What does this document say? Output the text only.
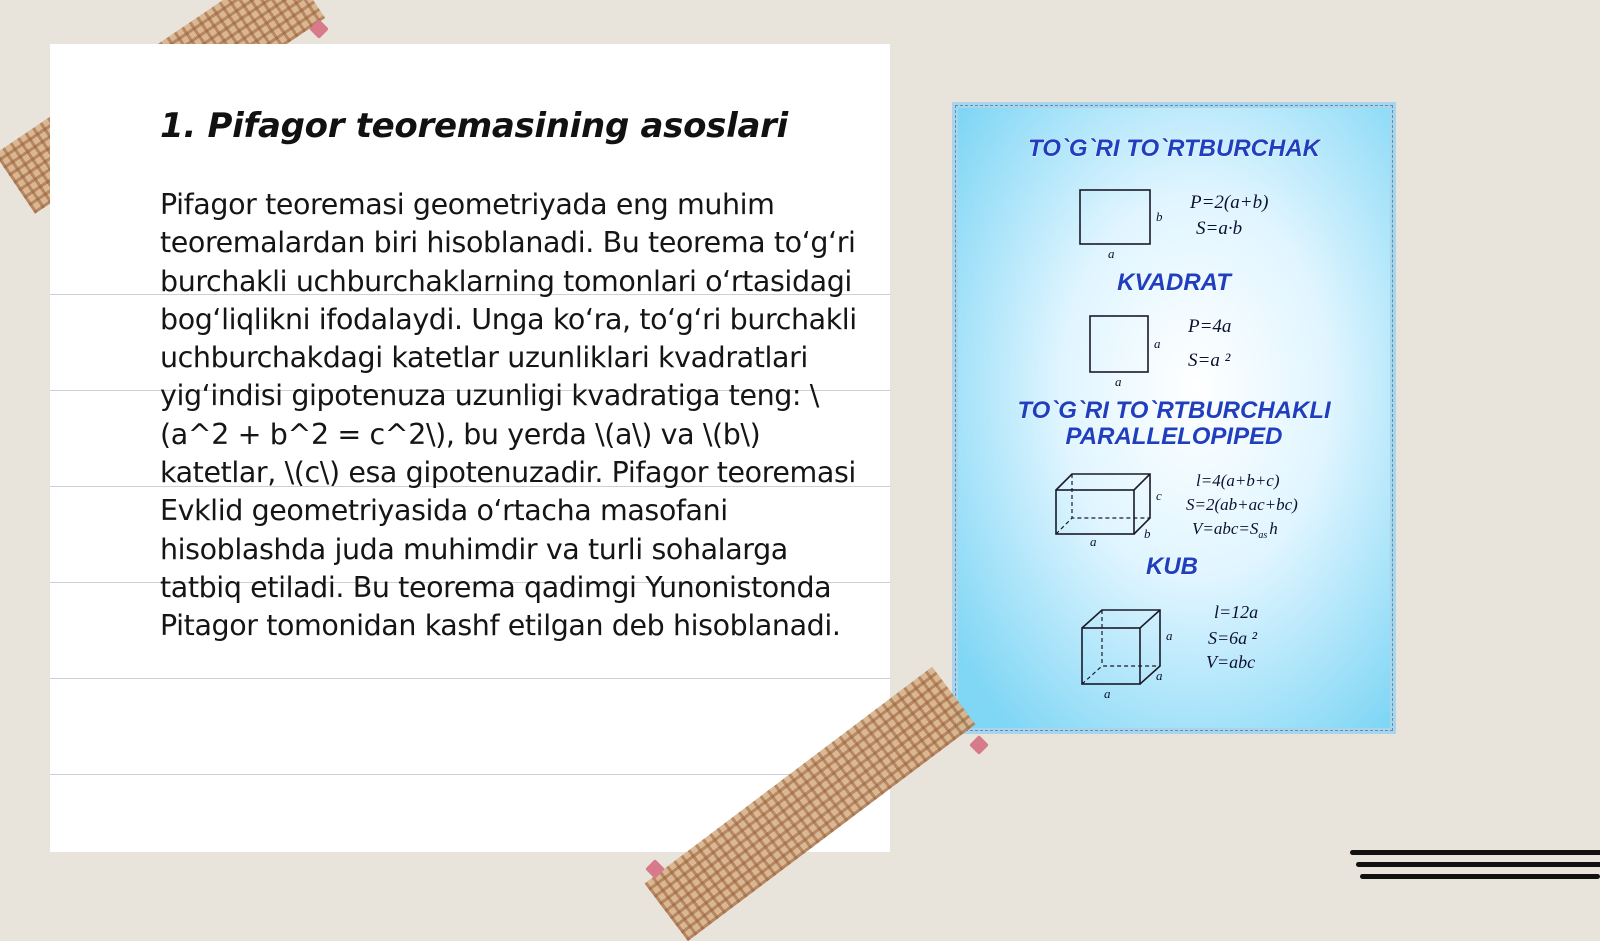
1. Pifagor teoremasining asoslari

Pifagor teoremasi geometriyada eng muhim teoremalardan biri hisoblanadi. Bu teorema to‘g‘ri burchakli uchburchaklarning tomonlari o‘rtasidagi bog‘liqlikni ifodalaydi. Unga ko‘ra, to‘g‘ri burchakli uchburchakdagi katetlar uzunliklari kvadratlari yig‘indisi gipotenuza uzunligi kvadratiga teng: \(a^2 + b^2 = c^2\), bu yerda \(a\) va \(b\) katetlar, \(c\) esa gipotenuzadir. Pifagor teoremasi Evklid geometriyasida o‘rtacha masofani hisoblashda juda muhimdir va turli sohalarga tatbiq etiladi. Bu teorema qadimgi Yunonistonda Pitagor tomonidan kashf etilgan deb hisoblanadi.

TO`G`RI TO`RTBURCHAK
b
a
P=2(a+b)
S=a·b
KVADRAT
a
a
P=4a
S=a ²
TO`G`RI TO`RTBURCHAKLI
PARALLELOPIPED
c
b
a
l=4(a+b+c)
S=2(ab+ac+bc)
$V=abc=S_{as}$ h
KUB
a
a
a
l=12a
S=6a ²
V=abc
